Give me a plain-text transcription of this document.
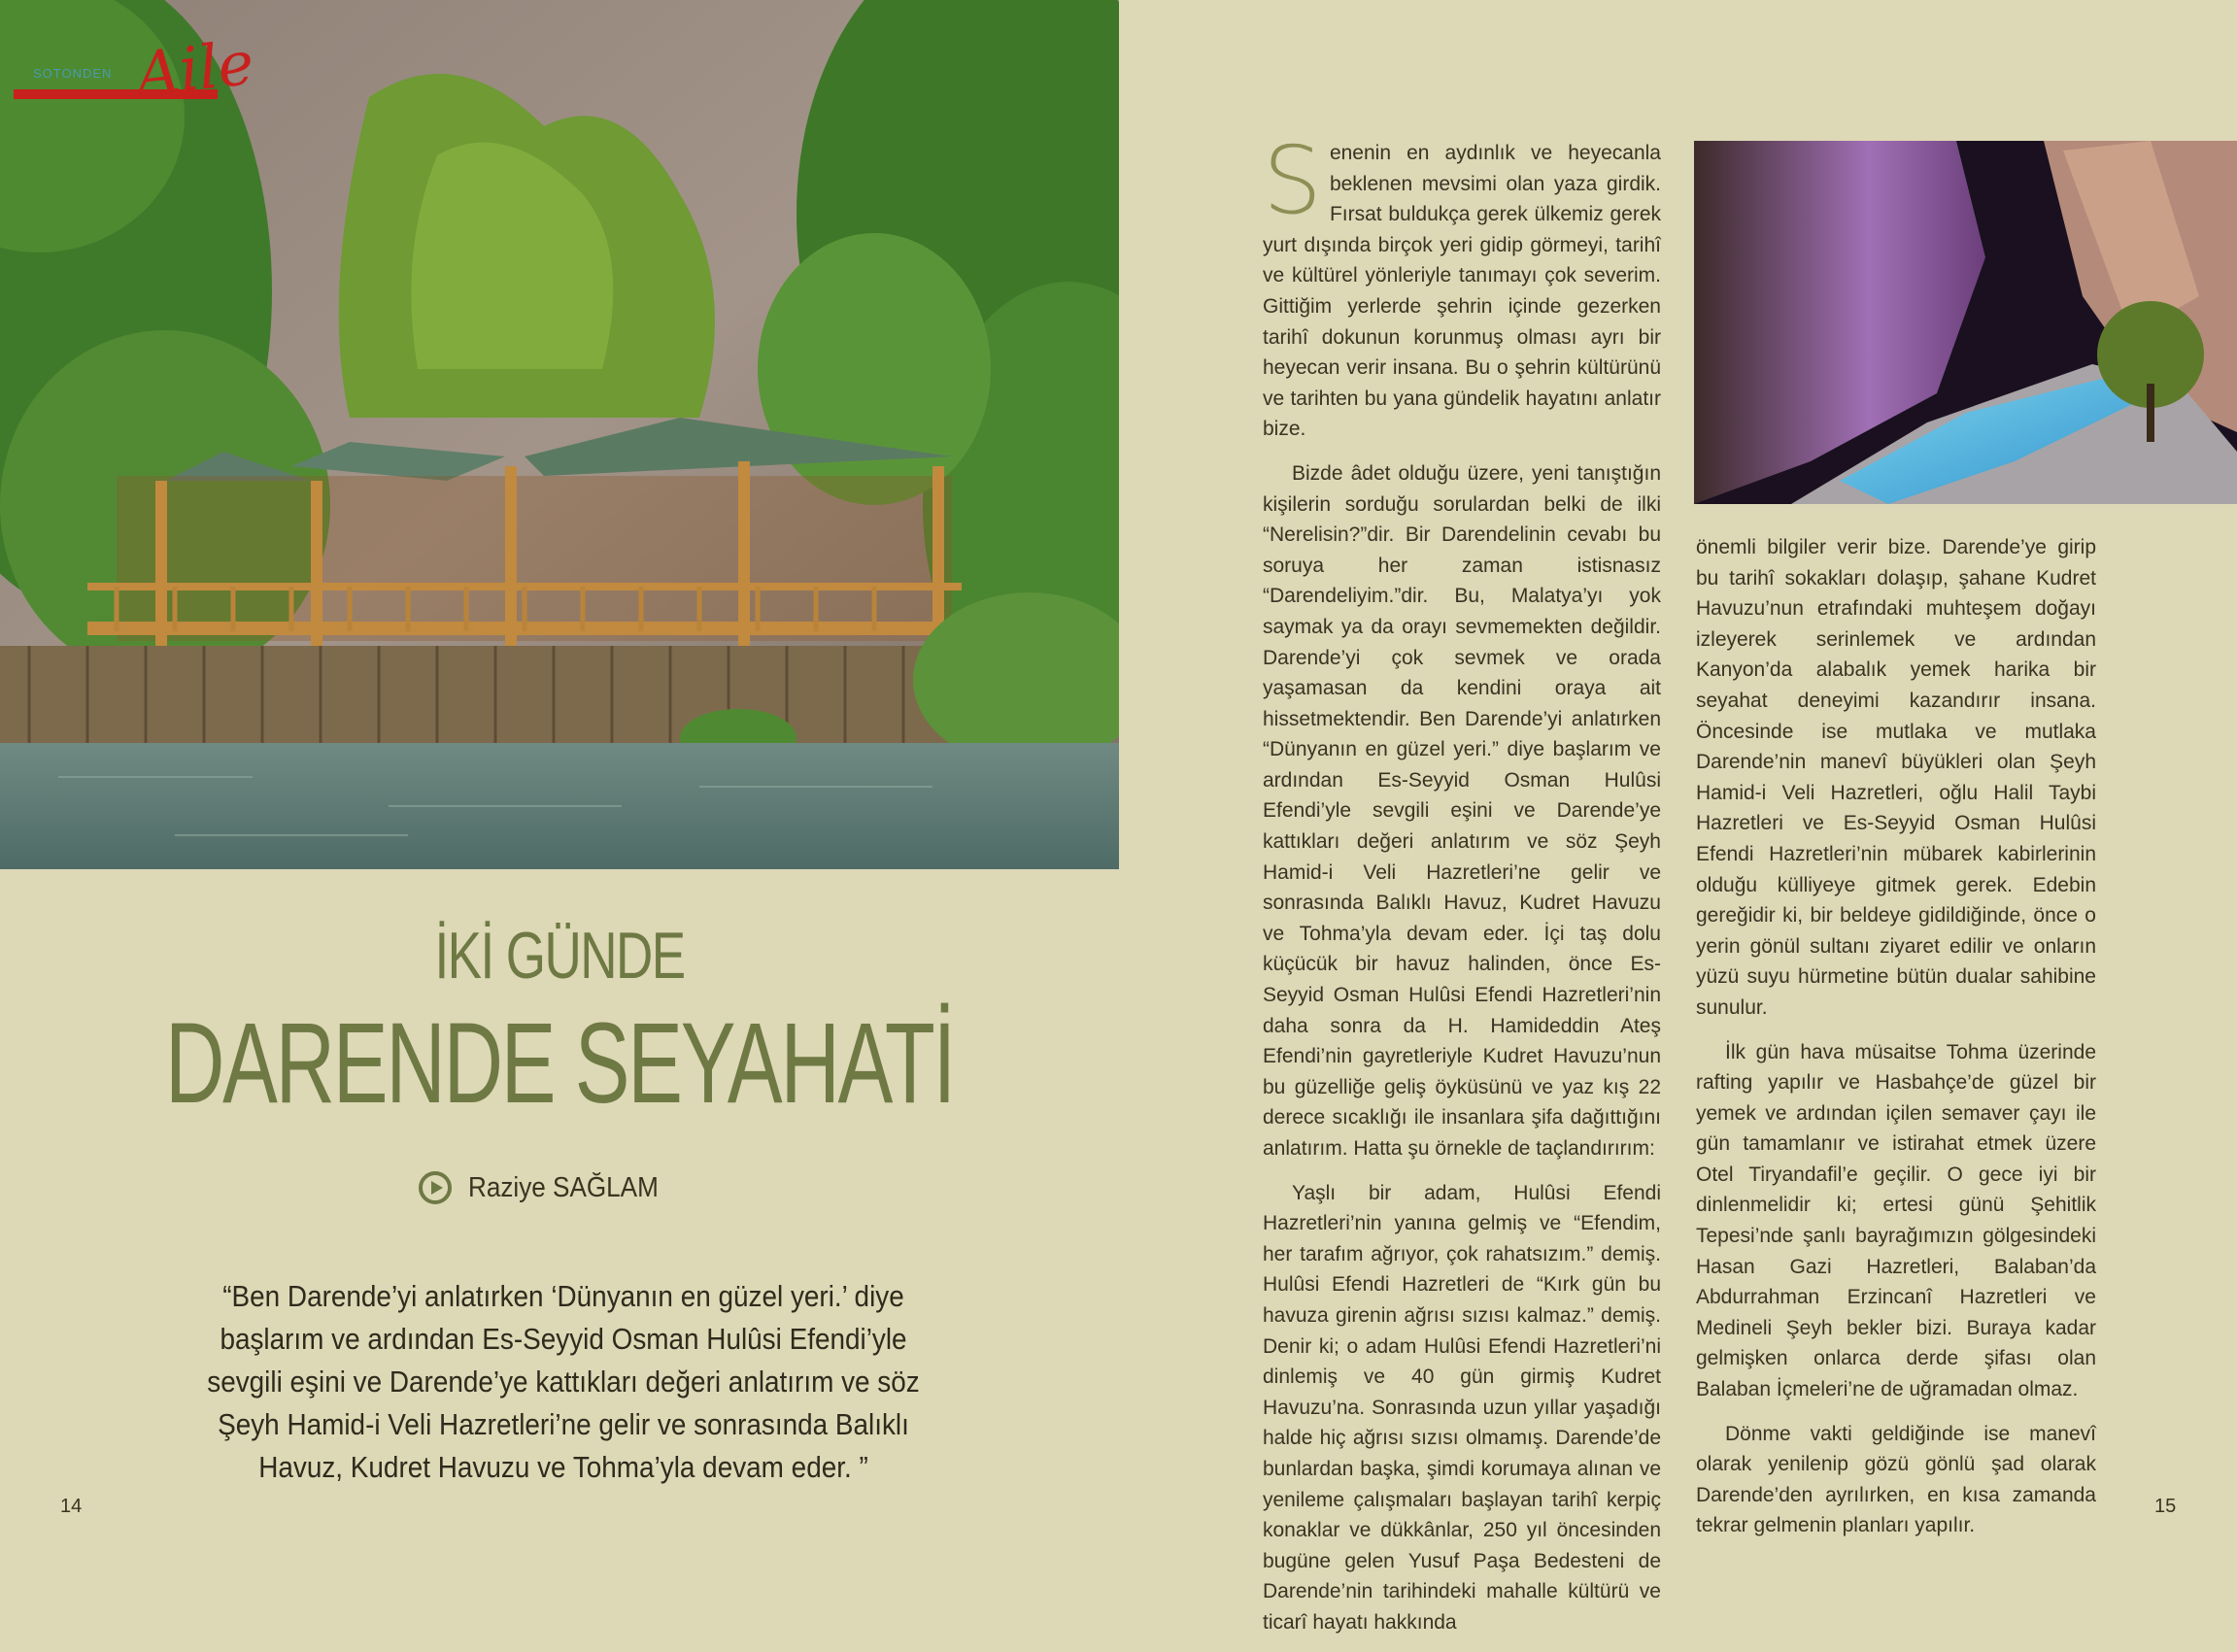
SOTONDEN Aile
İKİ GÜNDE
DARENDE SEYAHATİ
Raziye SAĞLAM
“Ben Darende’yi anlatırken ‘Dünyanın en güzel yeri.’ diye başlarım ve ardından Es-Seyyid Osman Hulûsi Efendi’yle sevgili eşini ve Darende’ye kattıkları değeri anlatırım ve söz Şeyh Hamid-i Veli Hazretleri’ne gelir ve sonrasında Balıklı Havuz, Kudret Havuzu ve Tohma’yla devam eder. ”
14	15

Senenin en aydınlık ve heyecanla beklenen mevsimi olan yaza girdik. Fırsat buldukça gerek ülkemiz gerek yurt dışında birçok yeri gidip görmeyi, tarihî ve kültürel yönleriyle tanımayı çok severim. Gittiğim yerlerde şehrin içinde gezerken tarihî dokunun korunmuş olması ayrı bir heyecan verir insana. Bu o şehrin kültürünü ve tarihten bu yana gündelik hayatını anlatır bize.

Bizde âdet olduğu üzere, yeni tanıştığın kişilerin sorduğu sorulardan belki de ilki “Nerelisin?”dir. Bir Darendelinin cevabı bu soruya her zaman istisnasız “Darendeliyim.”dir. Bu, Malatya’yı yok saymak ya da orayı sevmemekten değildir. Darende’yi çok sevmek ve orada yaşamasan da kendini oraya ait hissetmektendir. Ben Darende’yi anlatırken “Dünyanın en güzel yeri.” diye başlarım ve ardından Es-Seyyid Osman Hulûsi Efendi’yle sevgili eşini ve Darende’ye kattıkları değeri anlatırım ve söz Şeyh Hamid-i Veli Hazretleri’ne gelir ve sonrasında Balıklı Havuz, Kudret Havuzu ve Tohma’yla devam eder. İçi taş dolu küçücük bir havuz halinden, önce Es-Seyyid Osman Hulûsi Efendi Hazretleri’nin daha sonra da H. Hamideddin Ateş Efendi’nin gayretleriyle Kudret Havuzu’nun bu güzelliğe geliş öyküsünü ve yaz kış 22 derece sıcaklığı ile insanlara şifa dağıttığını anlatırım. Hatta şu örnekle de taçlandırırım:

Yaşlı bir adam, Hulûsi Efendi Hazretleri’nin yanına gelmiş ve “Efendim, her tarafım ağrıyor, çok rahatsızım.” demiş. Hulûsi Efendi Hazretleri de “Kırk gün bu havuza girenin ağrısı sızısı kalmaz.” demiş. Denir ki; o adam Hulûsi Efendi Hazretleri’ni dinlemiş ve 40 gün girmiş Kudret Havuzu’na. Sonrasında uzun yıllar yaşadığı halde hiç ağrısı sızısı olmamış. Darende’de bunlardan başka, şimdi korumaya alınan ve yenileme çalışmaları başlayan tarihî kerpiç konaklar ve dükkânlar, 250 yıl öncesinden bugüne gelen Yusuf Paşa Bedesteni de Darende’nin tarihindeki mahalle kültürü ve ticarî hayatı hakkında

önemli bilgiler verir bize. Darende’ye girip bu tarihî sokakları dolaşıp, şahane Kudret Havuzu’nun etrafındaki muhteşem doğayı izleyerek serinlemek ve ardından Kanyon’da alabalık yemek harika bir seyahat deneyimi kazandırır insana. Öncesinde ise mutlaka ve mutlaka Darende’nin manevî büyükleri olan Şeyh Hamid-i Veli Hazretleri, oğlu Halil Taybi Hazretleri ve Es-Seyyid Osman Hulûsi Efendi Hazretleri’nin mübarek kabirlerinin olduğu külliyeye gitmek gerek. Edebin gereğidir ki, bir beldeye gidildiğinde, önce o yerin gönül sultanı ziyaret edilir ve onların yüzü suyu hürmetine bütün dualar sahibine sunulur.

İlk gün hava müsaitse Tohma üzerinde rafting yapılır ve Hasbahçe’de güzel bir yemek ve ardından içilen semaver çayı ile gün tamamlanır ve istirahat etmek üzere Otel Tiryandafil’e geçilir. O gece iyi bir dinlenmelidir ki; ertesi günü Şehitlik Tepesi’nde şanlı bayrağımızın gölgesindeki Hasan Gazi Hazretleri, Balaban’da Abdurrahman Erzincanî Hazretleri ve Medineli Şeyh bekler bizi. Buraya kadar gelmişken onlarca derde şifası olan Balaban İçmeleri’ne de uğramadan olmaz.

Dönme vakti geldiğinde ise manevî olarak yenilenip gözü gönlü şad olarak Darende’den ayrılırken, en kısa zamanda tekrar gelmenin planları yapılır.
